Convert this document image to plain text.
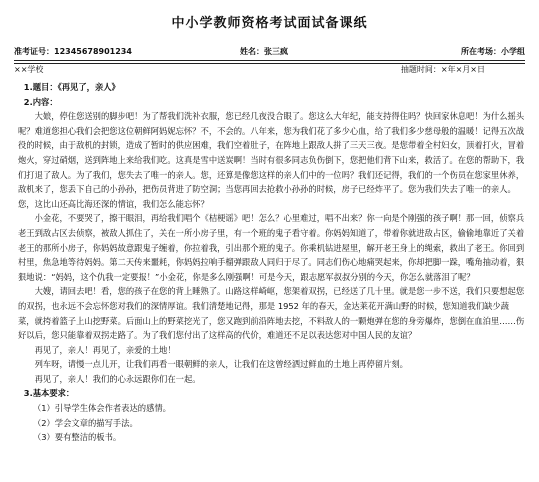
中小学教师资格考试面试备课纸
准考证号：12345678901234	姓名：张三疯	所在考场：小学组
××学校	抽题时间：×年×月×日

1.题目：《再见了，亲人》

2.内容：

大娘，停住您送别的脚步吧！为了帮我们洗补衣服，您已经几夜没合眼了。您这么大年纪，能支持得住吗？快回家休息吧！为什么摇头呢？难道您担心我们会把您这位朝鲜阿妈妮忘怀？不，不会的。八年来，您为我们花了多少心血，给了我们多少慈母般的温暖！记得五次战役的时候，由于敌机的封锁，造成了暂时的供应困难，我们空着肚子，在阵地上跟敌人拼了三天三夜。是您带着全村妇女，顶着打火，冒着炮火，穿过硝烟，送到阵地上来给我们吃。这真是雪中送炭啊！当时有很多同志负伤倒下，您把他们背下山来，救活了。在您的帮助下，我们打退了敌人。为了我们，您失去了唯一的亲人。您，还算是像您这样的亲人们中的一位吗？我们还记得，我们的一个伤员在您家里休养，敌机来了，您丢下自己的小孙孙，把伤员背进了防空洞；当您再回去抢救小孙孙的时候，房子已经炸平了。您为我们失去了唯一的亲人。您，这比山还高比海还深的情谊，我们怎么能忘怀？

小金花，不要哭了，擦干眼泪，再给我们唱个《桔梗谣》吧！怎么？心里难过，唱不出来？你一向是个刚强的孩子啊！那一回，侦察兵老王到敌占区去侦察，被敌人抓住了，关在一所小房子里，有一个班的鬼子看守着。你妈妈知道了，带着你就进敌占区，偷偷地靠近了关着老王的那所小房子，你妈妈故意跟鬼子缠着，你拉着我，引出那个班的鬼子。你乘机钻进屋里，解开老王身上的绳索，救出了老王。你回到村里，焦急地等待妈妈。第二天传来噩耗，你妈妈拉响手榴弹跟敌人同归于尽了。同志们伤心地痛哭起来，你却把脚一跺，嘴角抽动着，狠狠地说：“妈妈，这个仇我一定要报！”小金花，你是多么刚强啊！可是今天，跟志愿军叔叔分别的今天，你怎么就落泪了呢？

大嫂，请回去吧！看，您的孩子在您的背上睡熟了。山路这样崎岖，您架着双拐，已经送了几十里。就是您一步不送，我们只要想起您的双拐，也永远不会忘怀您对我们的深情厚谊。我们清楚地记得，那是 1952 年的春天，金达莱花开满山野的时候，您知道我们缺少蔬菜，就挎着篮子上山挖野菜。后面山上的野菜挖光了，您又跑到前沿阵地去挖，不料敌人的一颗炮弹在您的身旁爆炸，您倒在血泊里……伤好以后，您只能靠着双拐走路了。为了我们您付出了这样高的代价，难道还不足以表达您对中国人民的友谊？

再见了，亲人！再见了，亲爱的土地！

列车呀，请慢一点儿开，让我们再看一眼朝鲜的亲人，让我们在这曾经洒过鲜血的土地上再停留片刻。

再见了，亲人！我们的心永远跟你们在一起。

3.基本要求：

（1）引导学生体会作者表达的感情。

（2）学会文章的描写手法。

（3）要有整洁的板书。
